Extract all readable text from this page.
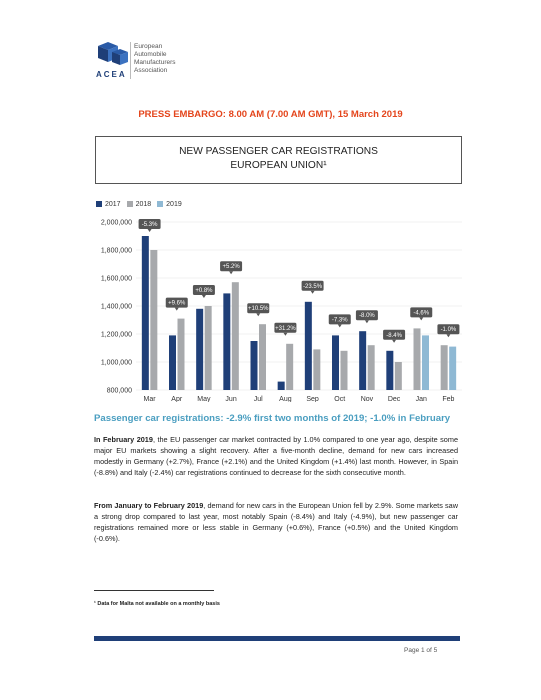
European
Automobile
Manufacturers
Association
ACEA
PRESS EMBARGO: 8.00 AM (7.00 AM GMT), 15 March 2019
NEW PASSENGER CAR REGISTRATIONS
EUROPEAN UNION¹
2017	2018	2019
2,000,000
1,800,000
1,600,000
1,400,000
1,200,000
1,000,000
800,000
Mar
-5.3%
Apr
+9.6%
May
+0.8%
Jun
+5.2%
Jul
+10.5%
Aug
+31.2%
Sep
-23.5%
Oct
-7.3%
Nov
-8.0%
Dec
-8.4%
Jan
-4.6%
Feb
-1.0%
Passenger car registrations: -2.9% first two months of 2019; -1.0% in February
In February 2019, the EU passenger car market contracted by 1.0% compared to one year ago, despite some major EU markets showing a slight recovery. After a five-month decline, demand for new cars increased modestly in Germany (+2.7%), France (+2.1%) and the United Kingdom (+1.4%) last month. However, in Spain (-8.8%) and Italy (-2.4%) car registrations continued to decrease for the sixth consecutive month.
From January to February 2019, demand for new cars in the European Union fell by 2.9%. Some markets saw a strong drop compared to last year, most notably Spain (-8.4%) and Italy (-4.9%), but new passenger car registrations remained more or less stable in Germany (+0.6%), France (+0.5%) and the United Kingdom (-0.6%).
¹ Data for Malta not available on a monthly basis
Page 1 of 5
